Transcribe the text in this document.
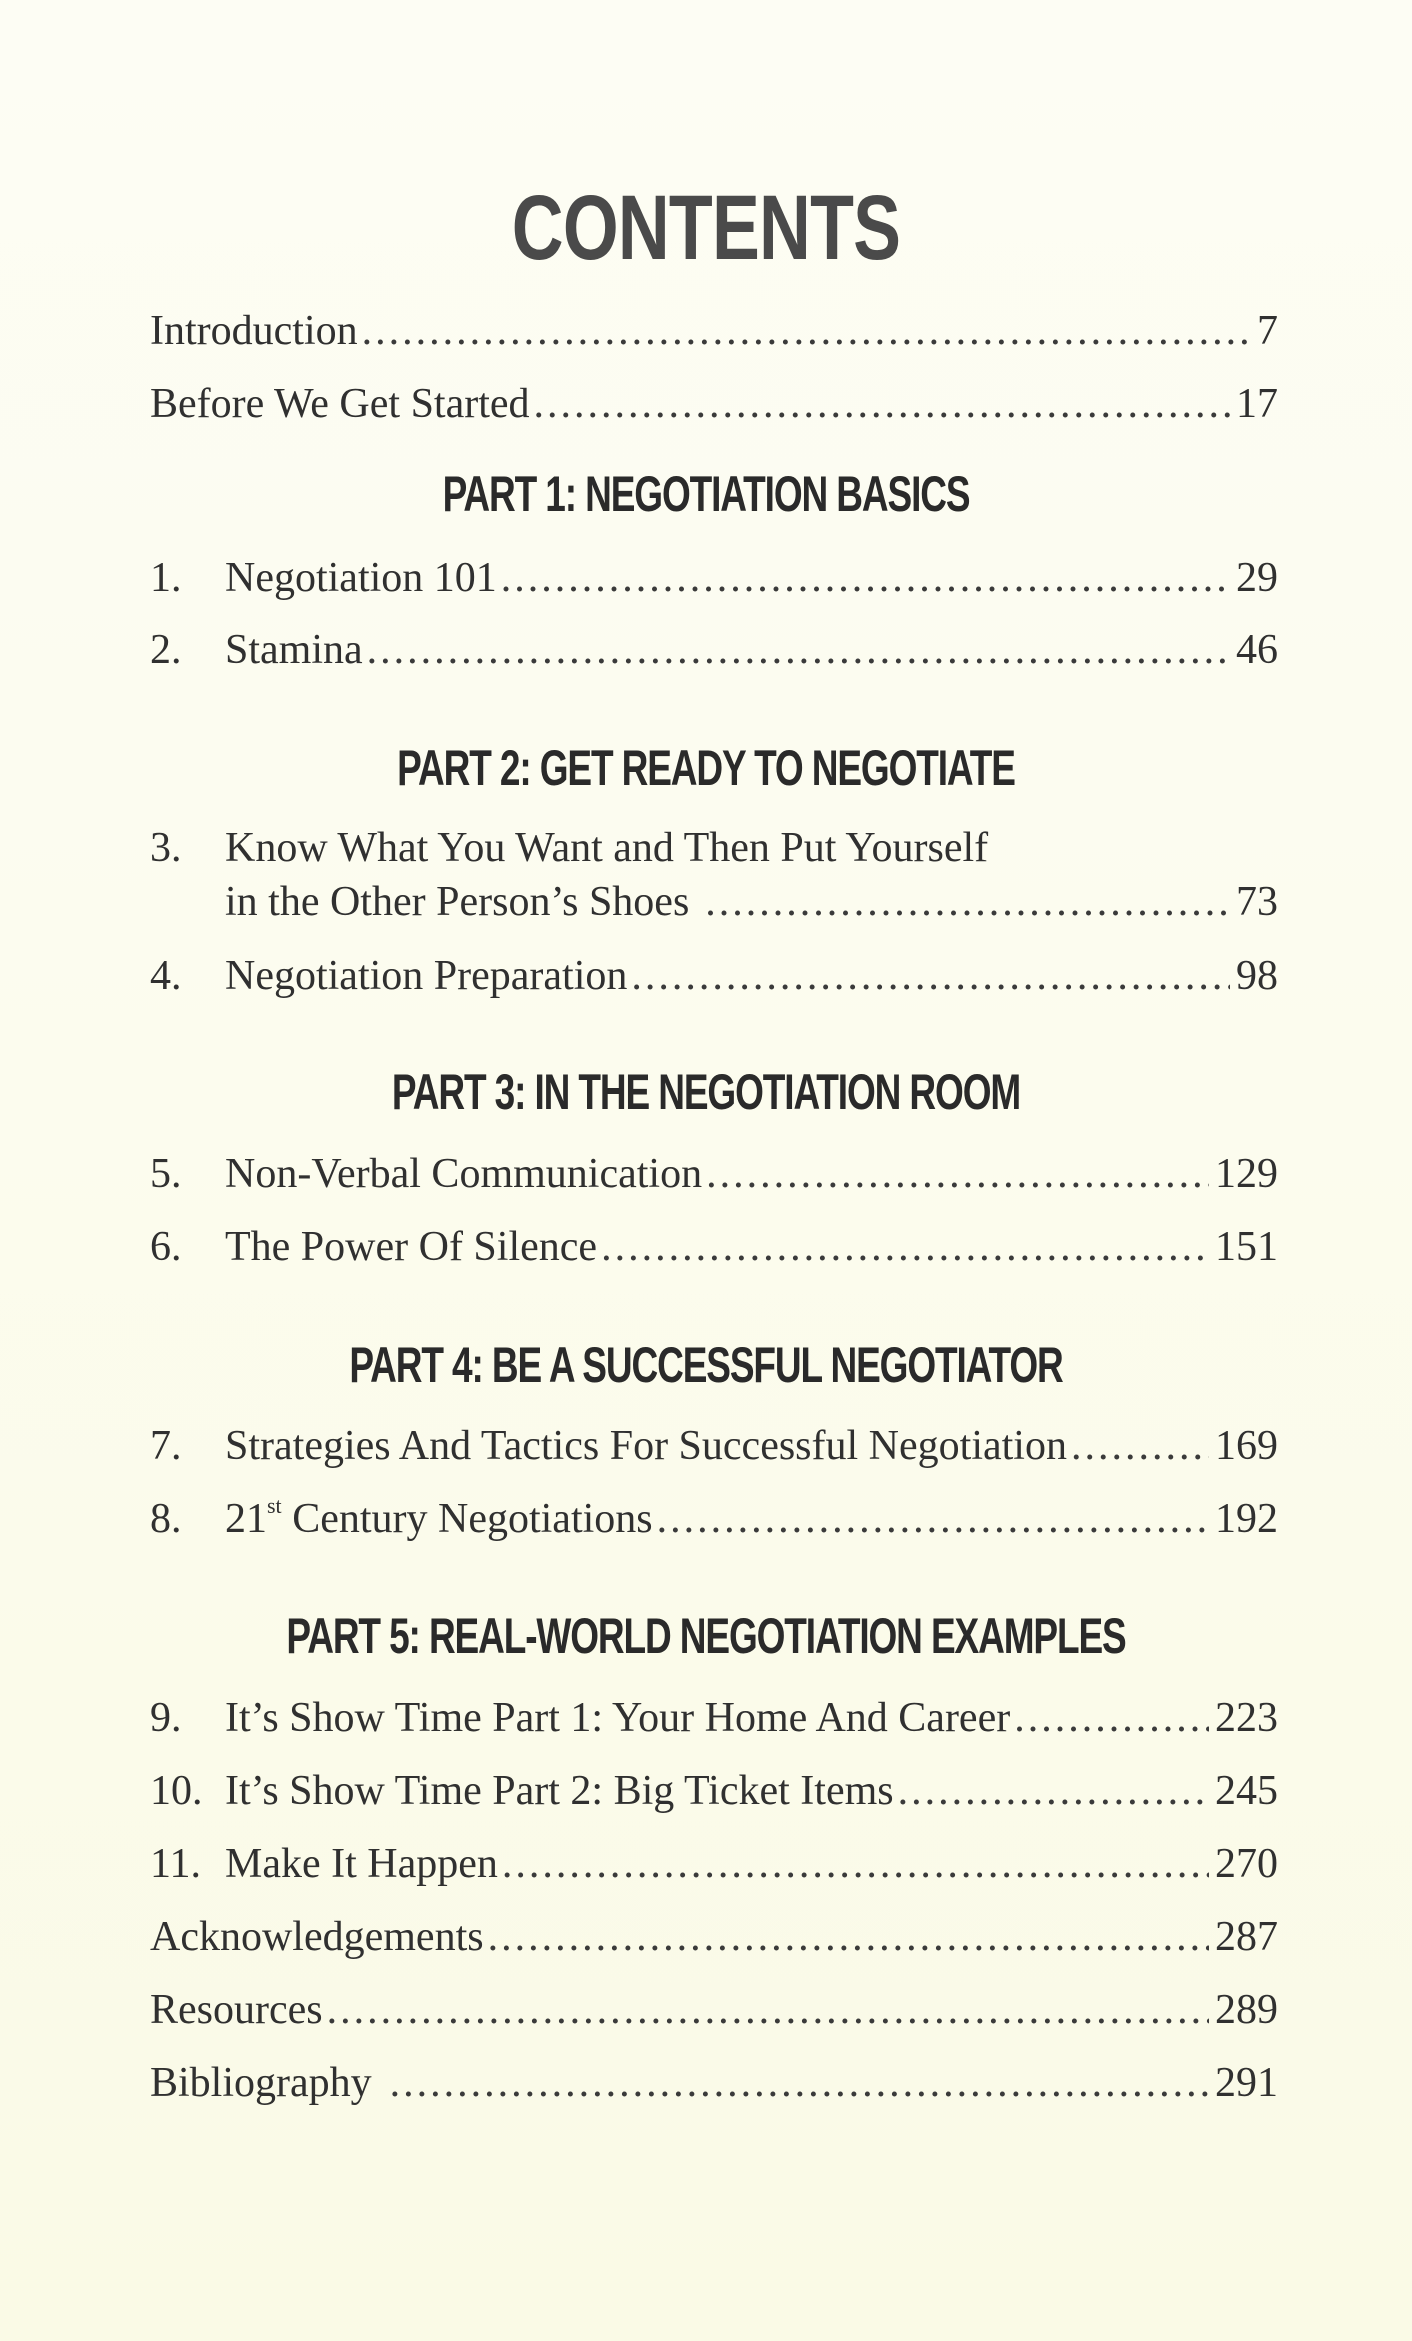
CONTENTS
Introduction .....	7
Before We Get Started .....	17
PART 1: NEGOTIATION BASICS
1.	Negotiation 101 .....	29
2.	Stamina .....	46
PART 2: GET READY TO NEGOTIATE
3.	Know What You Want and Then Put Yourself
in the Other Person’s Shoes .....	73
4.	Negotiation Preparation .....	98
PART 3: IN THE NEGOTIATION ROOM
5.	Non-Verbal Communication .....	129
6.	The Power Of Silence .....	151
PART 4: BE A SUCCESSFUL NEGOTIATOR
7.	Strategies And Tactics For Successful Negotiation .....	169
8.	21st Century Negotiations .....	192
PART 5: REAL-WORLD NEGOTIATION EXAMPLES
9.	It’s Show Time Part 1: Your Home And Career .....	223
10. It’s Show Time Part 2: Big Ticket Items .....	245
11. Make It Happen .....	270
Acknowledgements .....	287
Resources .....	289
Bibliography .....	291
